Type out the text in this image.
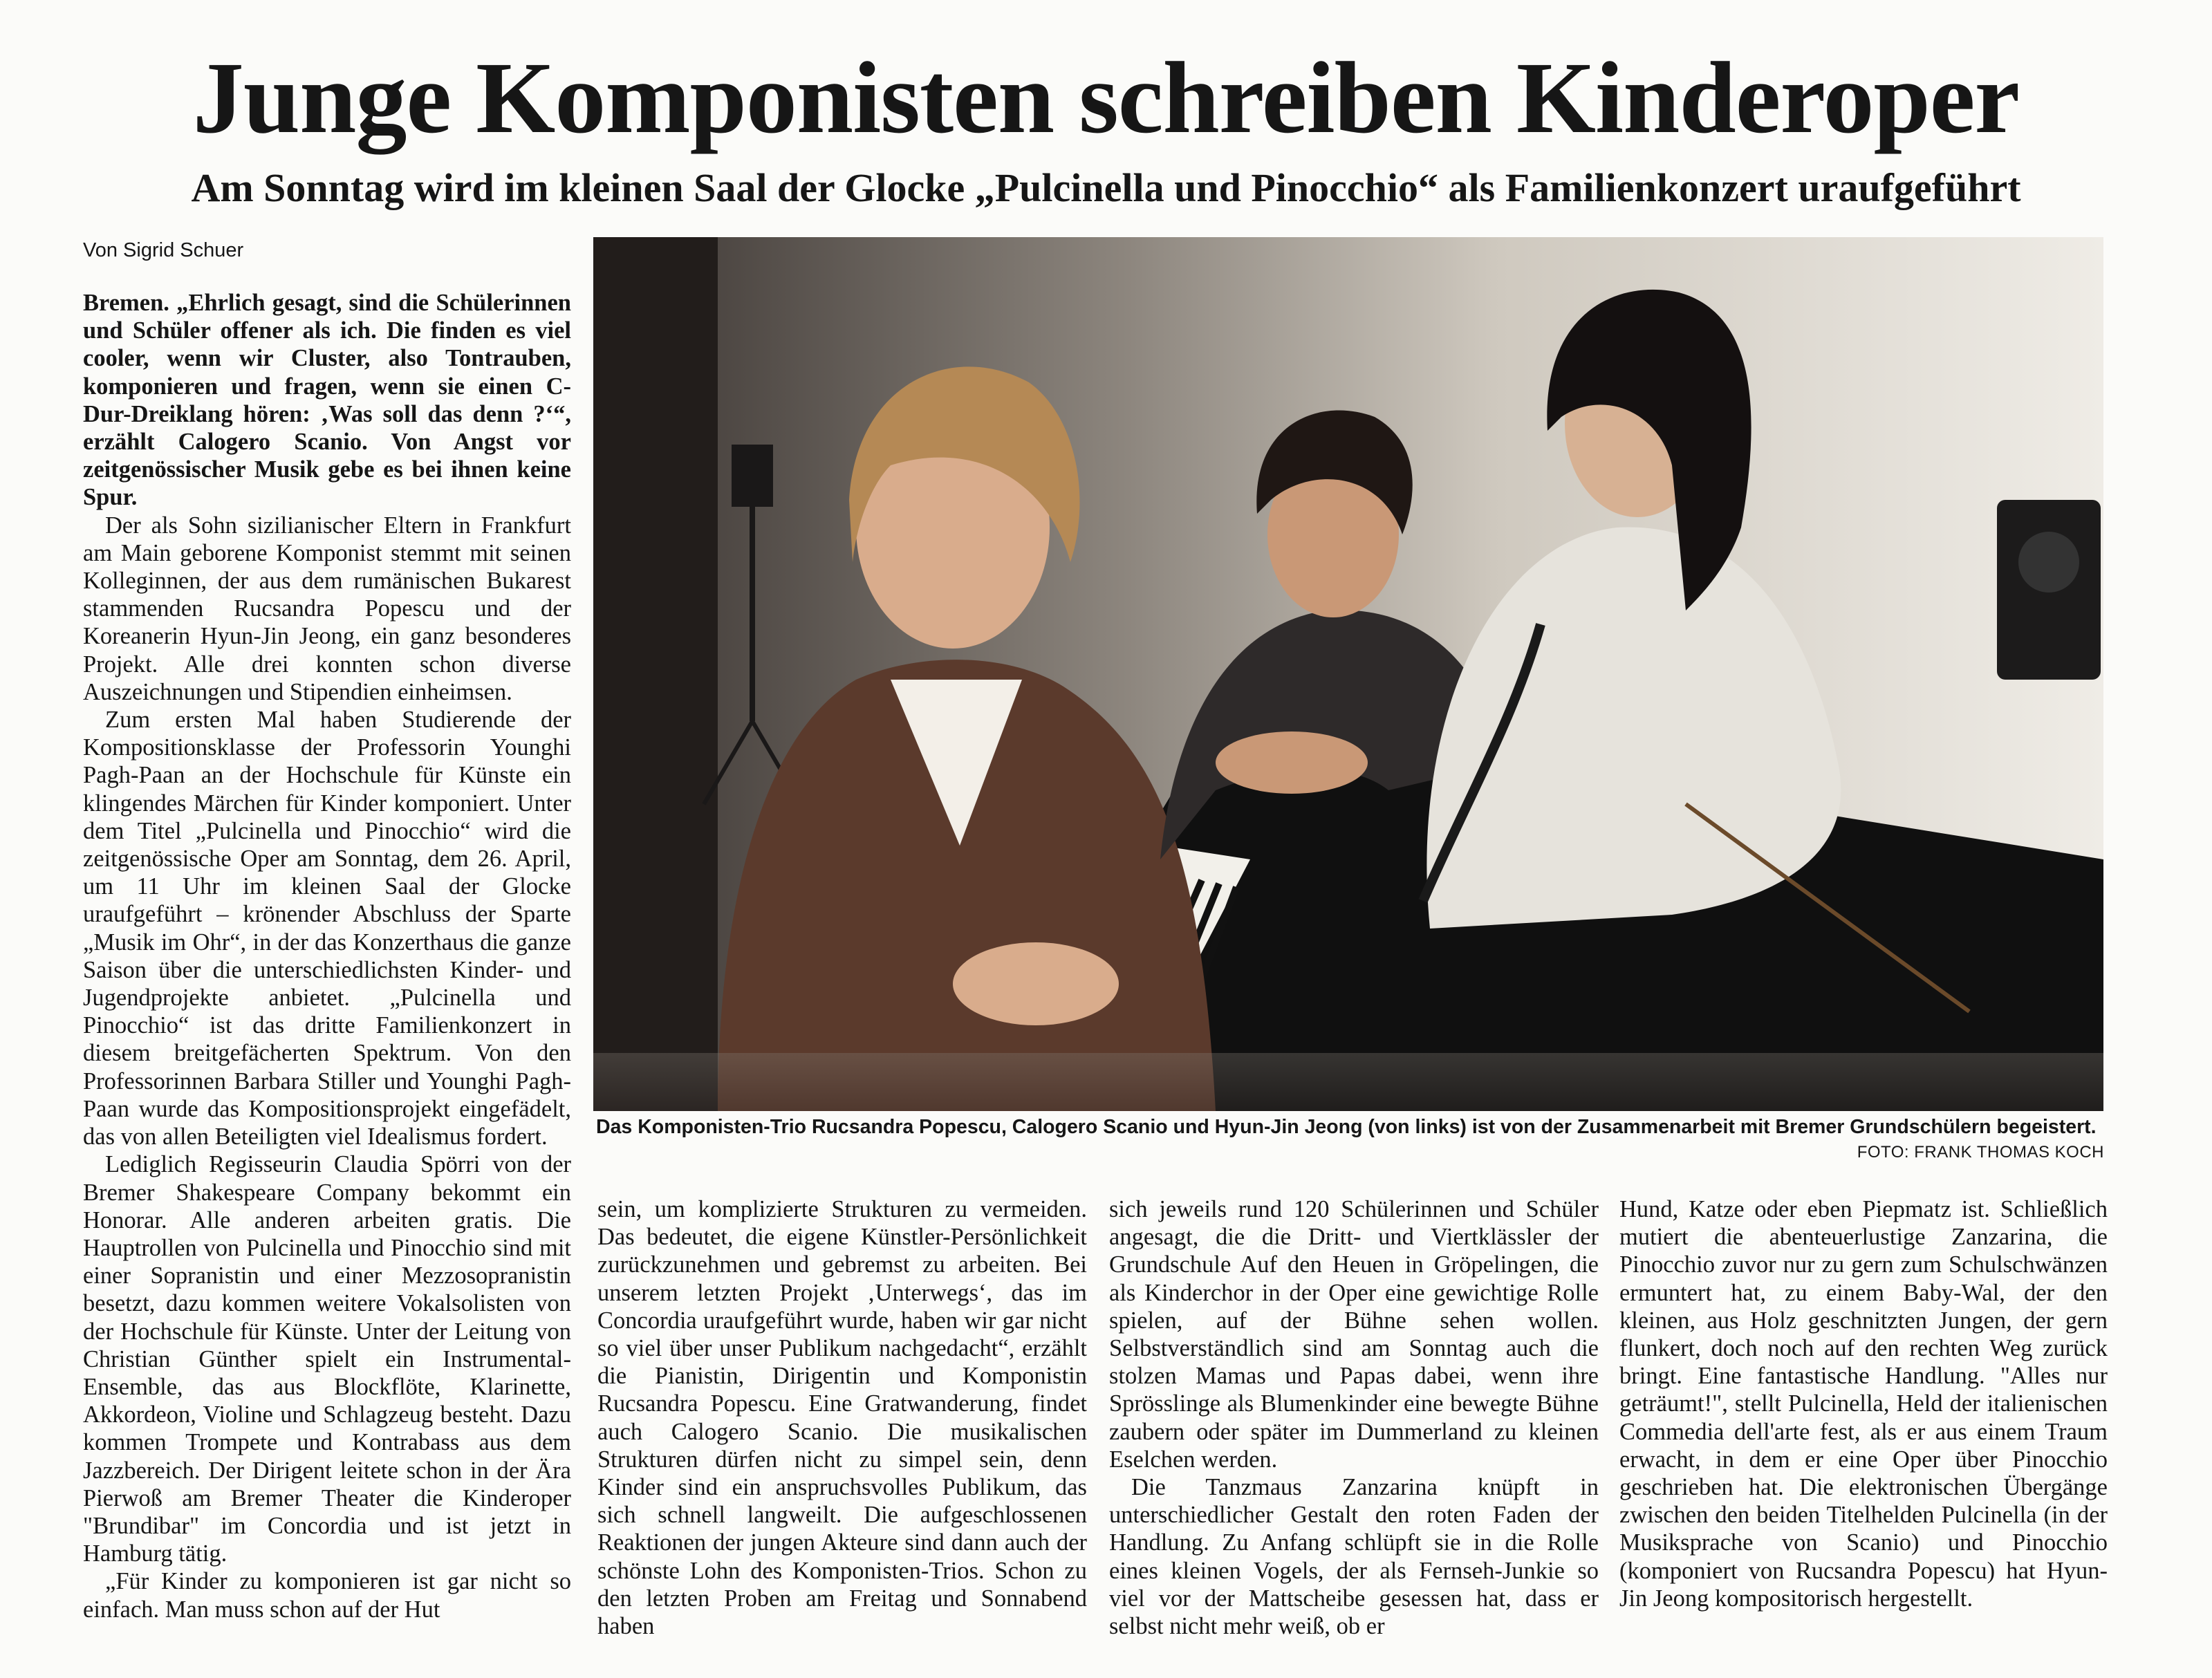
Junge Komponisten schreiben Kinderoper
Am Sonntag wird im kleinen Saal der Glocke „Pulcinella und Pinocchio“ als Familienkonzert uraufgeführt
Von Sigrid Schuer

Bremen. „Ehrlich gesagt, sind die Schülerinnen und Schüler offener als ich. Die finden es viel cooler, wenn wir Cluster, also Tontrauben, komponieren und fragen, wenn sie einen C-Dur-Dreiklang hören: ‚Was soll das denn ?‘“, erzählt Calogero Scanio. Von Angst vor zeitgenössischer Musik gebe es bei ihnen keine Spur.

Der als Sohn sizilianischer Eltern in Frankfurt am Main geborene Komponist stemmt mit seinen Kolleginnen, der aus dem rumänischen Bukarest stammenden Rucsandra Popescu und der Koreanerin Hyun-Jin Jeong, ein ganz besonderes Projekt. Alle drei konnten schon diverse Auszeichnungen und Stipendien einheimsen.

Zum ersten Mal haben Studierende der Kompositionsklasse der Professorin Younghi Pagh-Paan an der Hochschule für Künste ein klingendes Märchen für Kinder komponiert. Unter dem Titel „Pulcinella und Pinocchio“ wird die zeitgenössische Oper am Sonntag, dem 26. April, um 11 Uhr im kleinen Saal der Glocke uraufgeführt – krönender Abschluss der Sparte „Musik im Ohr“, in der das Konzerthaus die ganze Saison über die unterschiedlichsten Kinder- und Jugendprojekte anbietet. „Pulcinella und Pinocchio“ ist das dritte Familienkonzert in diesem breitgefächerten Spektrum. Von den Professorinnen Barbara Stiller und Younghi Pagh-Paan wurde das Kompositionsprojekt eingefädelt, das von allen Beteiligten viel Idealismus fordert.

Lediglich Regisseurin Claudia Spörri von der Bremer Shakespeare Company bekommt ein Honorar. Alle anderen arbeiten gratis. Die Hauptrollen von Pulcinella und Pinocchio sind mit einer Sopranistin und einer Mezzosopranistin besetzt, dazu kommen weitere Vokalsolisten von der Hochschule für Künste. Unter der Leitung von Christian Günther spielt ein Instrumental-Ensemble, das aus Blockflöte, Klarinette, Akkordeon, Violine und Schlagzeug besteht. Dazu kommen Trompete und Kontrabass aus dem Jazzbereich. Der Dirigent leitete schon in der Ära Pierwoß am Bremer Theater die Kinderoper "Brundibar" im Concordia und ist jetzt in Hamburg tätig.

„Für Kinder zu komponieren ist gar nicht so einfach. Man muss schon auf der Hut

Das Komponisten-Trio Rucsandra Popescu, Calogero Scanio und Hyun-Jin Jeong (von links) ist von der Zusammenarbeit mit Bremer Grundschülern begeistert.
FOTO: FRANK THOMAS KOCH

sein, um komplizierte Strukturen zu vermeiden. Das bedeutet, die eigene Künstler-Persönlichkeit zurückzunehmen und gebremst zu arbeiten. Bei unserem letzten Projekt ‚Unterwegs‘, das im Concordia uraufgeführt wurde, haben wir gar nicht so viel über unser Publikum nachgedacht“, erzählt die Pianistin, Dirigentin und Komponistin Rucsandra Popescu. Eine Gratwanderung, findet auch Calogero Scanio. Die musikalischen Strukturen dürfen nicht zu simpel sein, denn Kinder sind ein anspruchsvolles Publikum, das sich schnell langweilt. Die aufgeschlossenen Reaktionen der jungen Akteure sind dann auch der schönste Lohn des Komponisten-Trios. Schon zu den letzten Proben am Freitag und Sonnabend haben

sich jeweils rund 120 Schülerinnen und Schüler angesagt, die die Dritt- und Viertklässler der Grundschule Auf den Heuen in Gröpelingen, die als Kinderchor in der Oper eine gewichtige Rolle spielen, auf der Bühne sehen wollen. Selbstverständlich sind am Sonntag auch die stolzen Mamas und Papas dabei, wenn ihre Sprösslinge als Blumenkinder eine bewegte Bühne zaubern oder später im Dummerland zu kleinen Eselchen werden.

Die Tanzmaus Zanzarina knüpft in unterschiedlicher Gestalt den roten Faden der Handlung. Zu Anfang schlüpft sie in die Rolle eines kleinen Vogels, der als Fernseh-Junkie so viel vor der Mattscheibe gesessen hat, dass er selbst nicht mehr weiß, ob er

Hund, Katze oder eben Piepmatz ist. Schließlich mutiert die abenteuerlustige Zanzarina, die Pinocchio zuvor nur zu gern zum Schulschwänzen ermuntert hat, zu einem Baby-Wal, der den kleinen, aus Holz geschnitzten Jungen, der gern flunkert, doch noch auf den rechten Weg zurück bringt. Eine fantastische Handlung. "Alles nur geträumt!", stellt Pulcinella, Held der italienischen Commedia dell'arte fest, als er aus einem Traum erwacht, in dem er eine Oper über Pinocchio geschrieben hat. Die elektronischen Übergänge zwischen den beiden Titelhelden Pulcinella (in der Musiksprache von Scanio) und Pinocchio (komponiert von Rucsandra Popescu) hat Hyun-Jin Jeong kompositorisch hergestellt.
